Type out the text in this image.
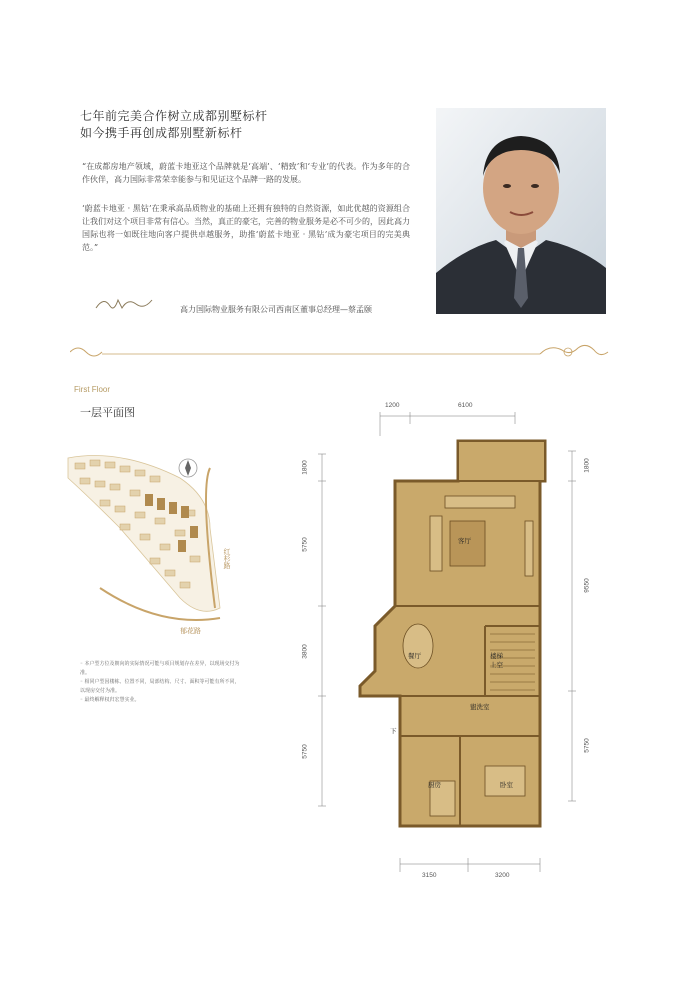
七年前完美合作树立成都别墅标杆
如今携手再创成都别墅新标杆
“在成都房地产领域，蔚蓝卡地亚这个品牌就是‘高端’、‘精致’和‘专业’的代表。作为多年的合作伙伴，高力国际非常荣幸能参与和见证这个品牌一路的发展。
‘蔚蓝卡地亚 · 黑钻’在秉承高品质物业的基础上还拥有独特的自然资源，如此优越的资源组合让我们对这个项目非常有信心。当然，真正的豪宅，完善的物业服务是必不可少的，因此高力国际也将一如既往地向客户提供卓越服务，助推‘蔚蓝卡地亚 · 黑钻’成为豪宅项目的完美典范。”
高力国际物业服务有限公司西南区董事总经理—蔡孟颐
First Floor
一层平面图
红杉路
郁花路
◦ 本户型方位及朝向的实际情况可能与项目规划存在差异，以现场交付为准。
◦ 相同户型因楼栋、位置不同，局部结构、尺寸、面积等可能有所不同，以现房交付为准。
◦ 最终解释权归宏慧实业。
1200	6100
3150	3200
1800
5750
3800
5750
1800
9550
5750
客厅
餐厅	楼梯
上空
盥洗室
下
厨房	卧室
